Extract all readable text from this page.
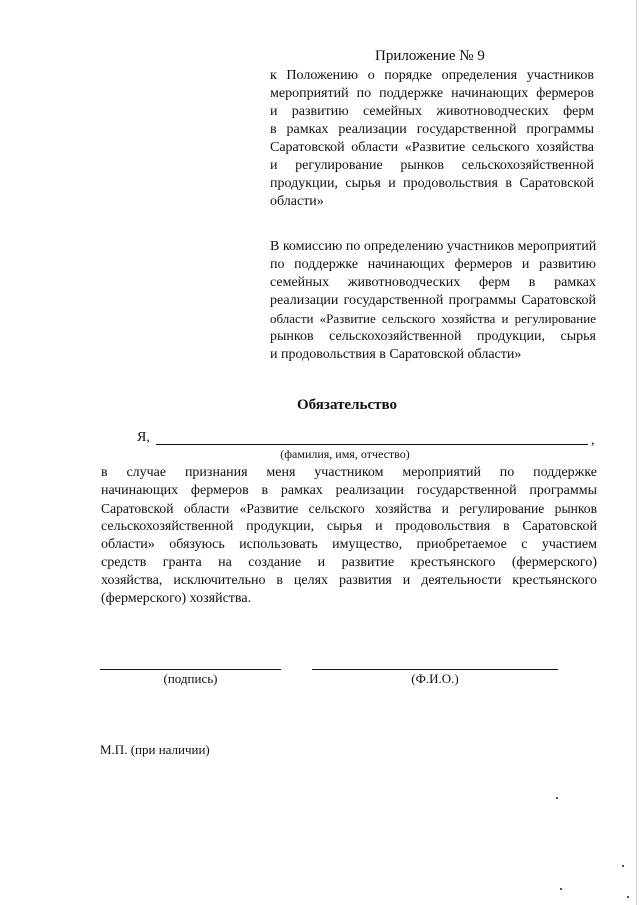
Приложение № 9
к Положению о порядке определения участников
мероприятий по поддержке начинающих фермеров
и развитию семейных животноводческих ферм
в рамках реализации государственной программы
Саратовской области «Развитие сельского хозяйства
и регулирование рынков сельскохозяйственной
продукции, сырья и продовольствия в Саратовской
области»
В комиссию по определению участников мероприятий
по поддержке начинающих фермеров и развитию
семейных животноводческих ферм в рамках
реализации государственной программы Саратовской
области «Развитие сельского хозяйства и регулирование
рынков сельскохозяйственной продукции, сырья
и продовольствия в Саратовской области»
Обязательство
Я,	,
(фамилия, имя, отчество)
в случае признания меня участником мероприятий по поддержке
начинающих фермеров в рамках реализации государственной программы
Саратовской области «Развитие сельского хозяйства и регулирование рынков
сельскохозяйственной продукции, сырья и продовольствия в Саратовской
области» обязуюсь использовать имущество, приобретаемое с участием
средств гранта на создание и развитие крестьянского (фермерского)
хозяйства, исключительно в целях развития и деятельности крестьянского
(фермерского) хозяйства.
(подпись)	(Ф.И.О.)
М.П. (при наличии)
